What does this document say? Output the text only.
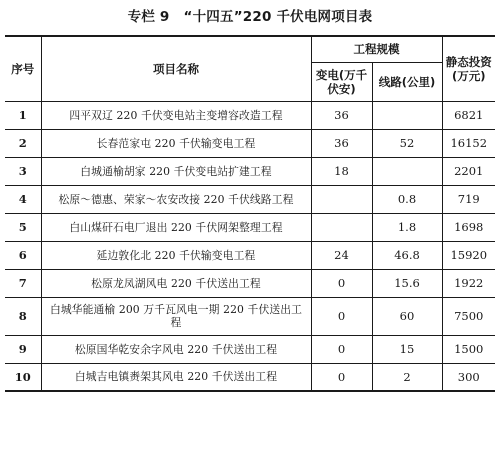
专栏 9 “十四五”220 千伏电网项目表
序号	项目名称	工程规模		静态投资(万元)
		变电(万千伏安)	线路(公里)	
1	四平双辽 220 千伏变电站主变增容改造工程	36		6821
2	长春范家屯 220 千伏输变电工程	36	52	16152
3	白城通榆胡家 220 千伏变电站扩建工程	18		2201
4	松原～德惠、荣家～农安改接 220 千伏线路工程		0.8	719
5	白山煤矸石电厂退出 220 千伏网架整理工程		1.8	1698
6	延边敦化北 220 千伏输变电工程	24	46.8	15920
7	松原龙凤湖风电 220 千伏送出工程	0	15.6	1922
8	白城华能通榆 200 万千瓦风电一期 220 千伏送出工程	0	60	7500
9	松原国华乾安余字风电 220 千伏送出工程	0	15	1500
10	白城吉电镇赉架其风电 220 千伏送出工程	0	2	300
